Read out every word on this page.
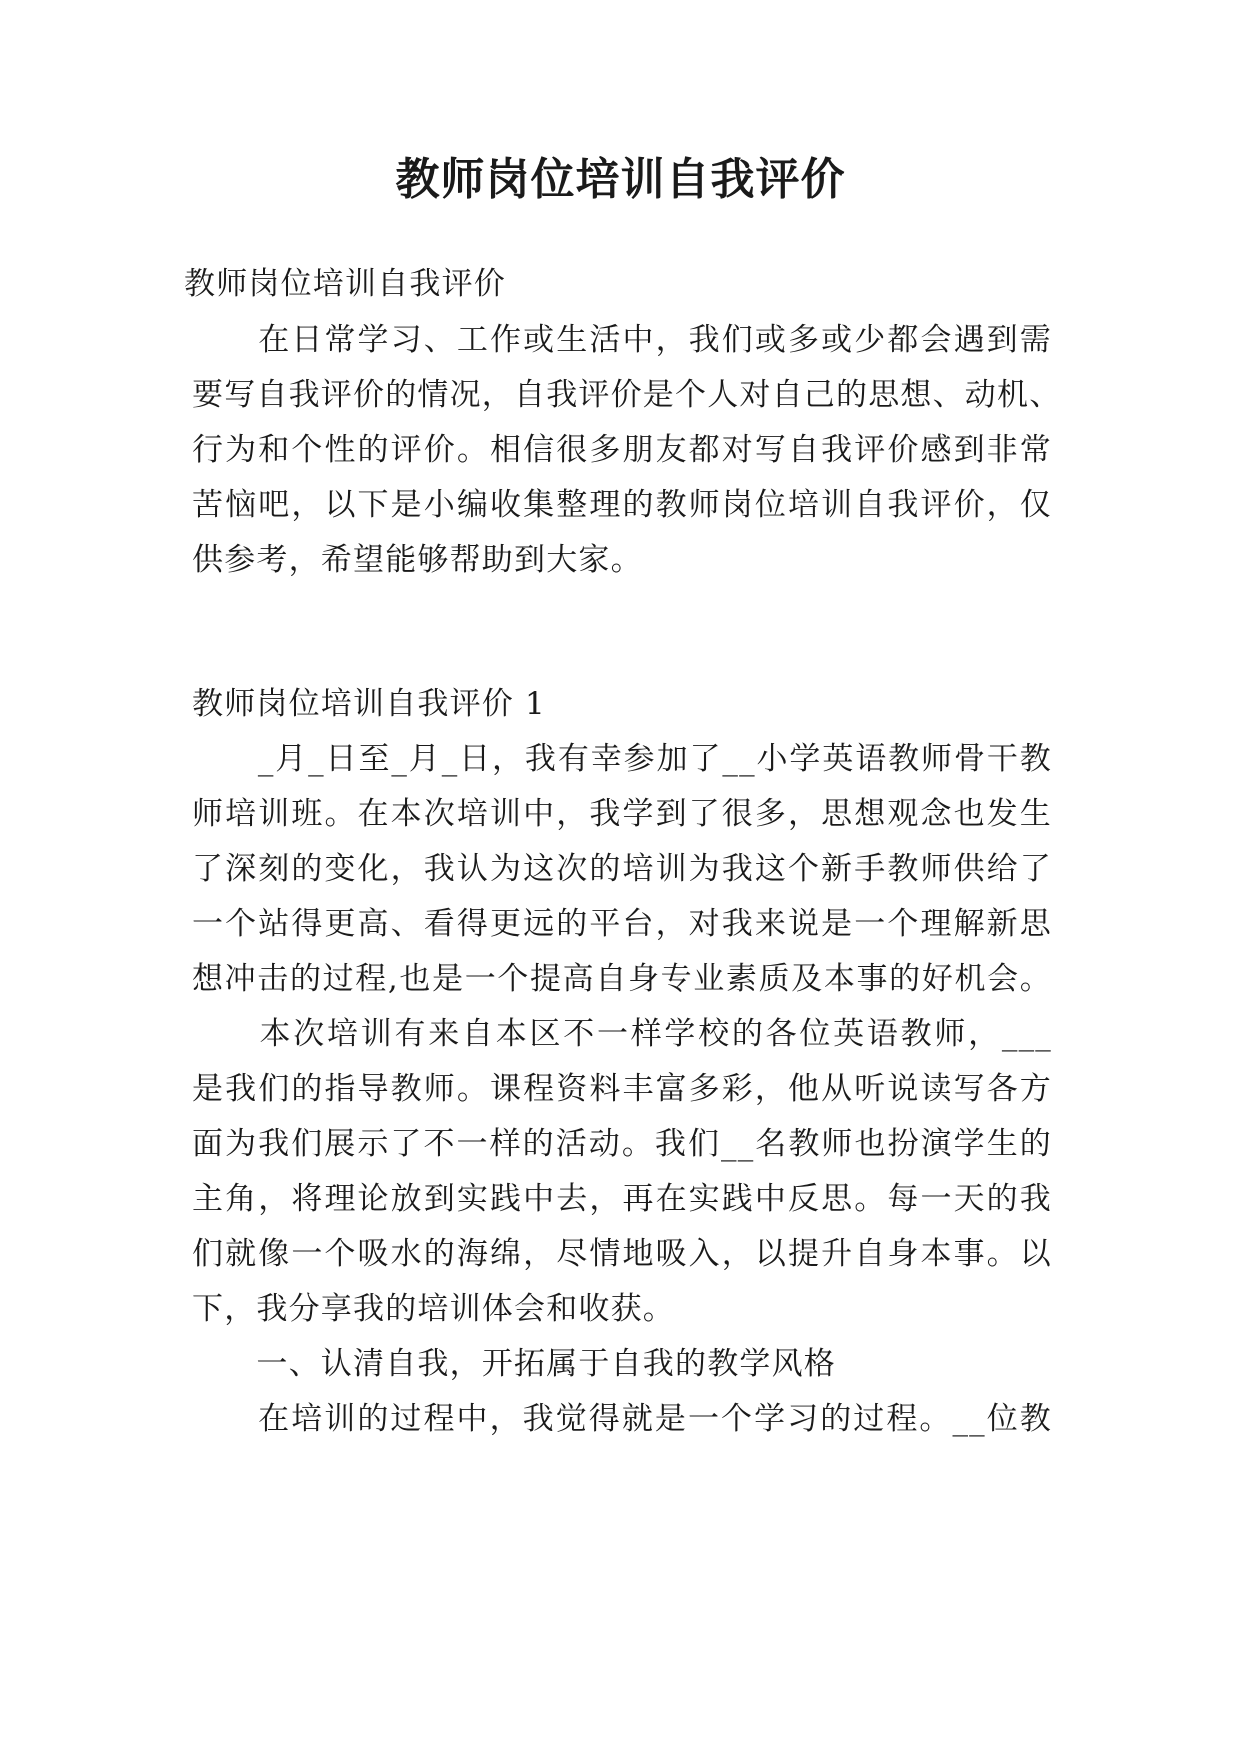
教师岗位培训自我评价

教师岗位培训自我评价

　　在日常学习、工作或生活中，我们或多或少都会遇到需

要写自我评价的情况，自我评价是个人对自己的思想、动机、

行为和个性的评价。相信很多朋友都对写自我评价感到非常

苦恼吧，以下是小编收集整理的教师岗位培训自我评价，仅

供参考，希望能够帮助到大家。

教师岗位培训自我评价 1

　　_月_日至_月_日，我有幸参加了__小学英语教师骨干教

师培训班。在本次培训中，我学到了很多，思想观念也发生

了深刻的变化，我认为这次的培训为我这个新手教师供给了

一个站得更高、看得更远的平台，对我来说是一个理解新思

想冲击的过程,也是一个提高自身专业素质及本事的好机会。

　　本次培训有来自本区不一样学校的各位英语教师，___

是我们的指导教师。课程资料丰富多彩，他从听说读写各方

面为我们展示了不一样的活动。我们__名教师也扮演学生的

主角，将理论放到实践中去，再在实践中反思。每一天的我

们就像一个吸水的海绵，尽情地吸入，以提升自身本事。以

下，我分享我的培训体会和收获。

　　一、认清自我，开拓属于自我的教学风格

　　在培训的过程中，我觉得就是一个学习的过程。__位教
